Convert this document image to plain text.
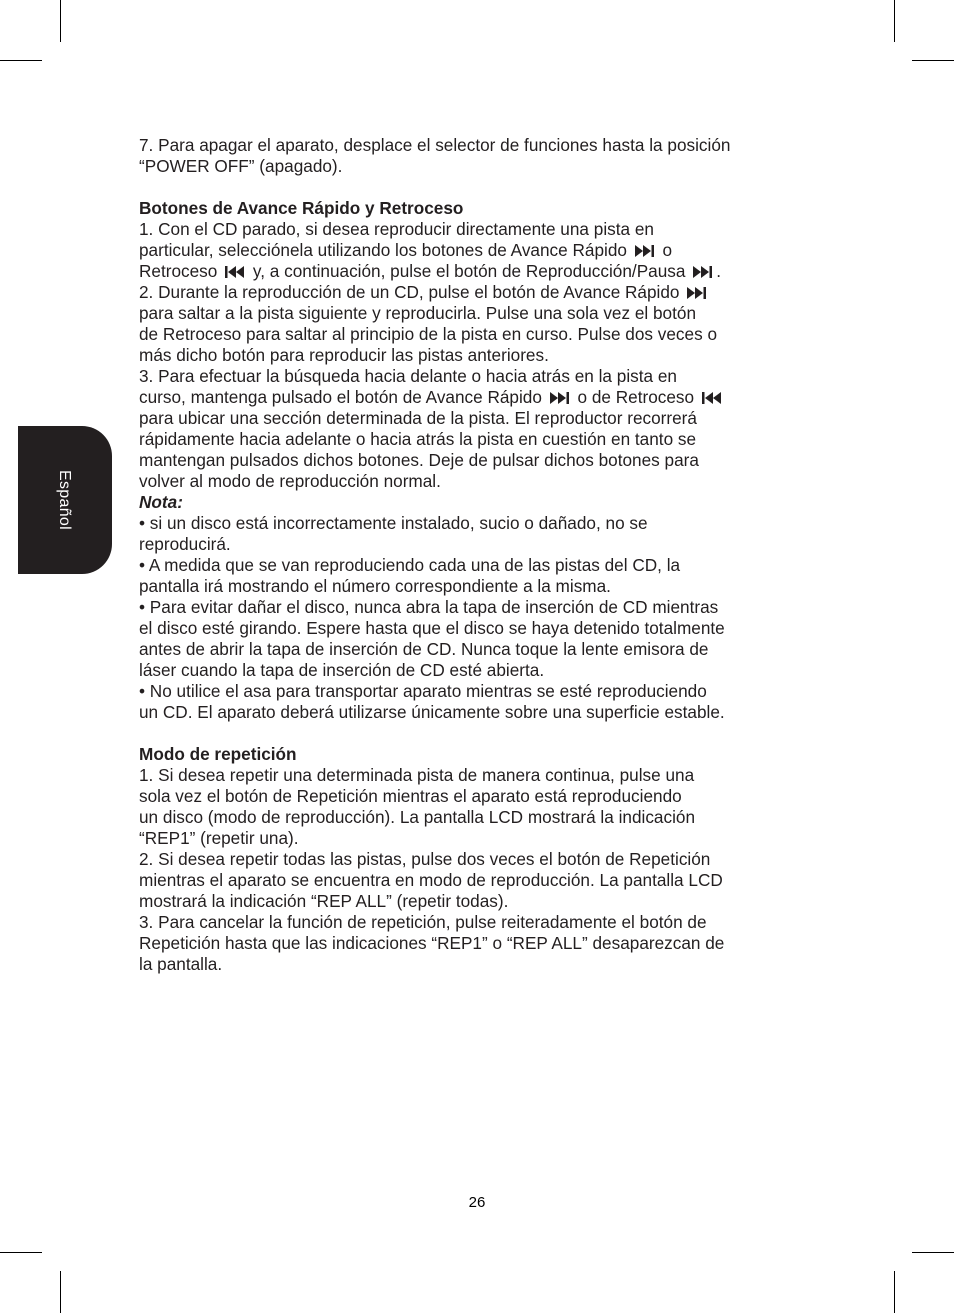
Español
7. Para apagar el aparato, desplace el selector de funciones hasta la posición
“POWER OFF” (apagado).
Botones de Avance Rápido y Retroceso
1. Con el CD parado, si desea reproducir directamente una pista en
particular, selecciónela utilizando los botones de Avance Rápido o
Retroceso y, a continuación, pulse el botón de Reproducción/Pausa .
2. Durante la reproducción de un CD, pulse el botón de Avance Rápido
para saltar a la pista siguiente y reproducirla. Pulse una sola vez el botón
de Retroceso para saltar al principio de la pista en curso. Pulse dos veces o
más dicho botón para reproducir las pistas anteriores.
3. Para efectuar la búsqueda hacia delante o hacia atrás en la pista en
curso, mantenga pulsado el botón de Avance Rápido o de Retroceso
para ubicar una sección determinada de la pista. El reproductor recorrerá
rápidamente hacia adelante o hacia atrás la pista en cuestión en tanto se
mantengan pulsados dichos botones. Deje de pulsar dichos botones para
volver al modo de reproducción normal.
Nota:
• si un disco está incorrectamente instalado, sucio o dañado, no se
reproducirá.
• A medida que se van reproduciendo cada una de las pistas del CD, la
pantalla irá mostrando el número correspondiente a la misma.
• Para evitar dañar el disco, nunca abra la tapa de inserción de CD mientras
el disco esté girando. Espere hasta que el disco se haya detenido totalmente
antes de abrir la tapa de inserción de CD. Nunca toque la lente emisora de
láser cuando la tapa de inserción de CD esté abierta.
• No utilice el asa para transportar aparato mientras se esté reproduciendo
un CD. El aparato deberá utilizarse únicamente sobre una superficie estable.
Modo de repetición
1. Si desea repetir una determinada pista de manera continua, pulse una
sola vez el botón de Repetición mientras el aparato está reproduciendo
un disco (modo de reproducción). La pantalla LCD mostrará la indicación
“REP1” (repetir una).
2. Si desea repetir todas las pistas, pulse dos veces el botón de Repetición
mientras el aparato se encuentra en modo de reproducción. La pantalla LCD
mostrará la indicación “REP ALL” (repetir todas).
3. Para cancelar la función de repetición, pulse reiteradamente el botón de
Repetición hasta que las indicaciones “REP1” o “REP ALL” desaparezcan de
la pantalla.
26
